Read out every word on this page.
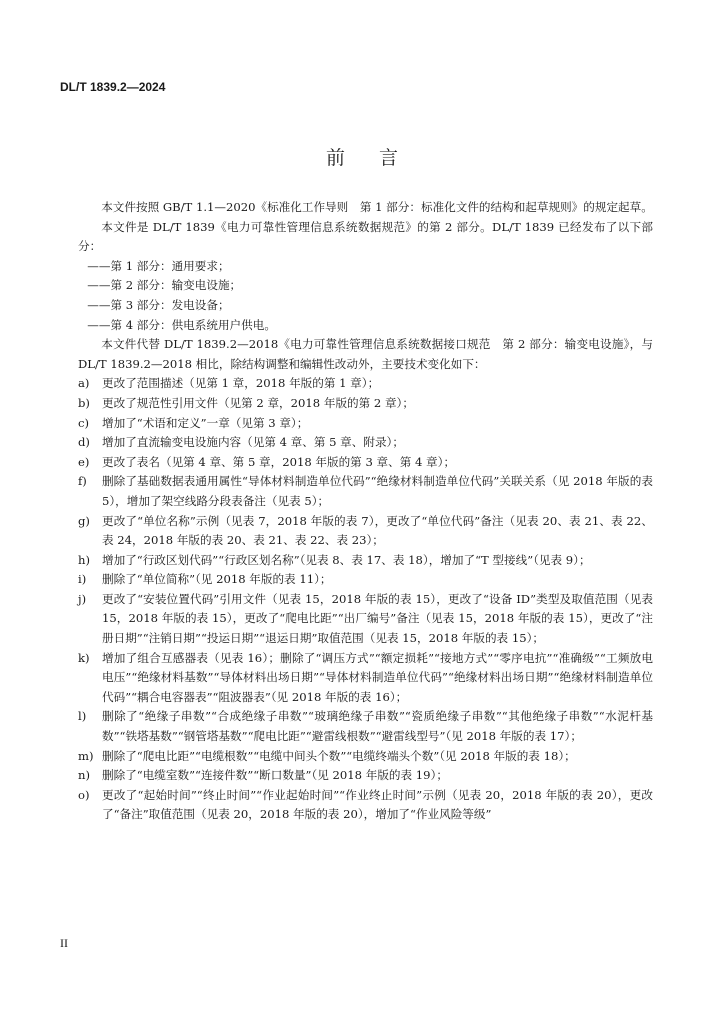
DL/T 1839.2—2024
前言

本文件按照 GB/T 1.1—2020《标准化工作导则　第 1 部分：标准化文件的结构和起草规则》的规定起草。

本文件是 DL/T 1839《电力可靠性管理信息系统数据规范》的第 2 部分。DL/T 1839 已经发布了以下部分：

——第 1 部分：通用要求；

——第 2 部分：输变电设施；

——第 3 部分：发电设备；

——第 4 部分：供电系统用户供电。

本文件代替 DL/T 1839.2—2018《电力可靠性管理信息系统数据接口规范　第 2 部分：输变电设施》，与 DL/T 1839.2—2018 相比，除结构调整和编辑性改动外，主要技术变化如下：

a)	更改了范围描述（见第 1 章，2018 年版的第 1 章）；
b)	更改了规范性引用文件（见第 2 章，2018 年版的第 2 章）；
c)	增加了“术语和定义”一章（见第 3 章）；
d)	增加了直流输变电设施内容（见第 4 章、第 5 章、附录）；
e)	更改了表名（见第 4 章、第 5 章，2018 年版的第 3 章、第 4 章）；
f)	删除了基础数据表通用属性“导体材料制造单位代码”“绝缘材料制造单位代码”关联关系（见 2018 年版的表 5），增加了架空线路分段表备注（见表 5）；
g)	更改了“单位名称”示例（见表 7，2018 年版的表 7），更改了“单位代码”备注（见表 20、表 21、表 22、表 24，2018 年版的表 20、表 21、表 22、表 23）；
h)	增加了“行政区划代码”“行政区划名称”（见表 8、表 17、表 18），增加了“T 型接线”（见表 9）；
i)	删除了“单位简称”（见 2018 年版的表 11）；
j)	更改了“安装位置代码”引用文件（见表 15，2018 年版的表 15），更改了“设备 ID”类型及取值范围（见表 15，2018 年版的表 15），更改了“爬电比距”“出厂编号”备注（见表 15，2018 年版的表 15），更改了“注册日期”“注销日期”“投运日期”“退运日期”取值范围（见表 15，2018 年版的表 15）；
k)	增加了组合互感器表（见表 16）；删除了“调压方式”“额定损耗”“接地方式”“零序电抗”“准确级”“工频放电电压”“绝缘材料基数”“导体材料出场日期”“导体材料制造单位代码”“绝缘材料出场日期”“绝缘材料制造单位代码”“耦合电容器表”“阻波器表”（见 2018 年版的表 16）；
l)	删除了“绝缘子串数”“合成绝缘子串数”“玻璃绝缘子串数”“瓷质绝缘子串数”“其他绝缘子串数”“水泥杆基数”“铁塔基数”“钢管塔基数”“爬电比距”“避雷线根数”“避雷线型号”（见 2018 年版的表 17）；
m) 删除了“爬电比距”“电缆根数”“电缆中间头个数”“电缆终端头个数”（见 2018 年版的表 18）；
n)	删除了“电缆室数”“连接件数”“断口数量”（见 2018 年版的表 19）；
o)	更改了“起始时间”“终止时间”“作业起始时间”“作业终止时间”示例（见表 20，2018 年版的表 20），更改了“备注”取值范围（见表 20，2018 年版的表 20），增加了“作业风险等级”
II
